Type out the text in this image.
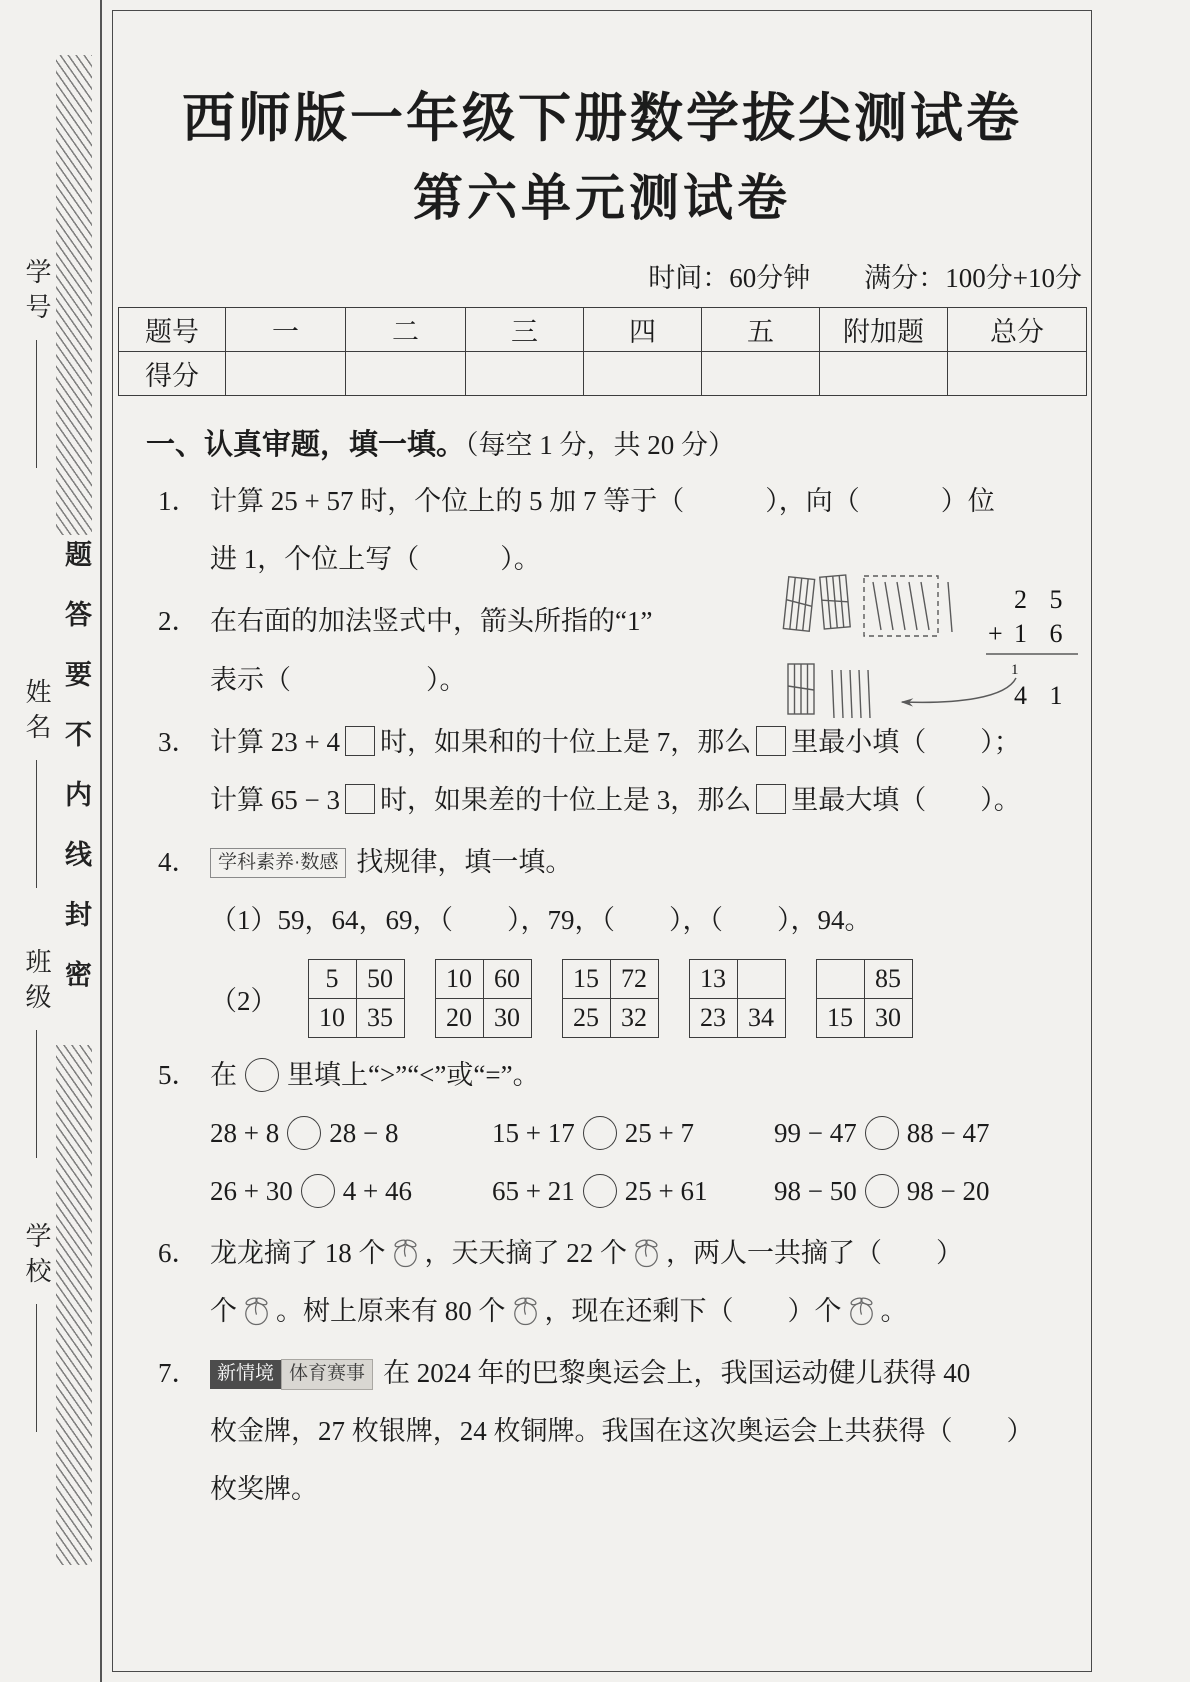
题答要不内线封密
学号
姓名
班级
学校
西师版一年级下册数学拔尖测试卷
第六单元测试卷
时间：60分钟　　满分：100分+10分
题号	一	二	三	四	五	附加题	总分
得分							
一、认真审题，填一填。（每空 1 分，共 20 分）
1． 计算 25 + 57 时，个位上的 5 加 7 等于（　　　），向（　　　）位
进 1，个位上写（　　　）。
2． 在右面的加法竖式中，箭头所指的“1”
表示（　　　　　）。
2 5
+ 1 6
1
4 1
3． 计算 23 + 4 时，如果和的十位上是 7，那么 里最小填（　　）；
计算 65 − 3 时，如果差的十位上是 3，那么 里最大填（　　）。
4． 学科素养·数感 找规律，填一填。
（1）59，64，69，（　　），79，（　　），（　　），94。
（2）
5	50
10	35
10	60
20	30
15	72
25	32
13	
23	34
	85
15	30
5． 在 里填上“>”“<”或“=”。
28 + 8 28 − 8	15 + 17 25 + 7	99 − 47 88 − 47
26 + 30 4 + 46	65 + 21 25 + 61	98 − 50 98 − 20
6． 龙龙摘了 18 个 ，天天摘了 22 个 ，两人一共摘了（　　）
个 。树上原来有 80 个 ，现在还剩下（　　）个 。
7． 新情境 体育赛事 在 2024 年的巴黎奥运会上，我国运动健儿获得 40
枚金牌，27 枚银牌，24 枚铜牌。我国在这次奥运会上共获得（　　）
枚奖牌。
